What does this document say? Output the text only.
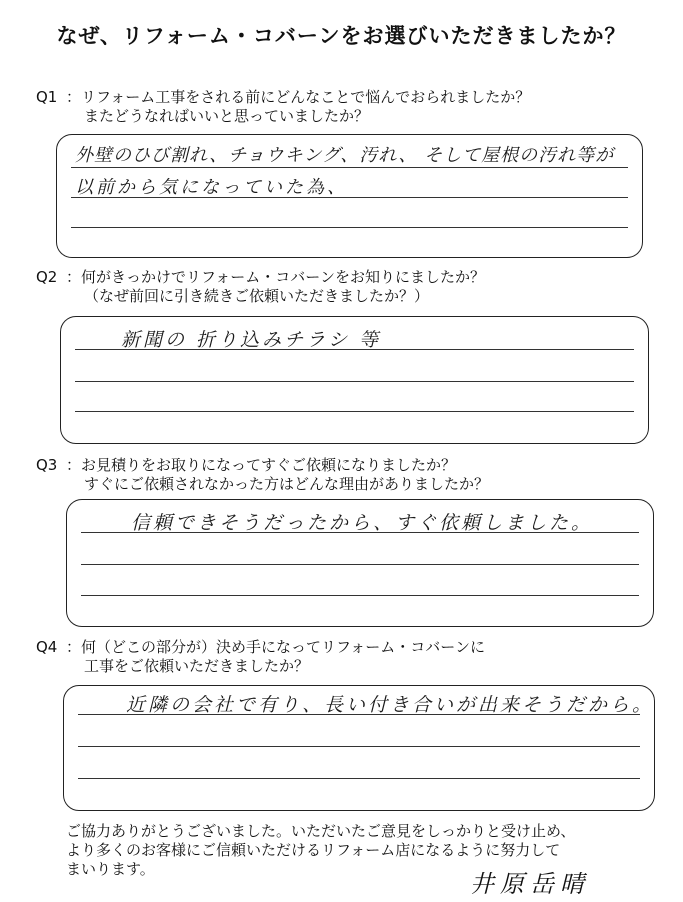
なぜ、リフォーム・コバーンをお選びいただきましたか？
Q1 ：リフォーム工事をされる前にどんなことで悩んでおられましたか？
またどうなればいいと思っていましたか？
外壁のひび割れ、チョウキング、汚れ、 そして屋根の汚れ等が
以前から気になっていた為、
Q2 ：何がきっかけでリフォーム・コバーンをお知りにましたか？
（なぜ前回に引き続きご依頼いただきましたか？）
新聞の 折り込みチラシ 等
Q3 ：お見積りをお取りになってすぐご依頼になりましたか？
すぐにご依頼されなかった方はどんな理由がありましたか？
信頼できそうだったから、すぐ依頼しました。
Q4 ：何（どこの部分が）決め手になってリフォーム・コバーンに
工事をご依頼いただきましたか？
近隣の会社で有り、長い付き合いが出来そうだから。
ご協力ありがとうございました。いただいたご意見をしっかりと受け止め、
より多くのお客様にご信頼いただけるリフォーム店になるように努力して
まいります。
井原岳晴
